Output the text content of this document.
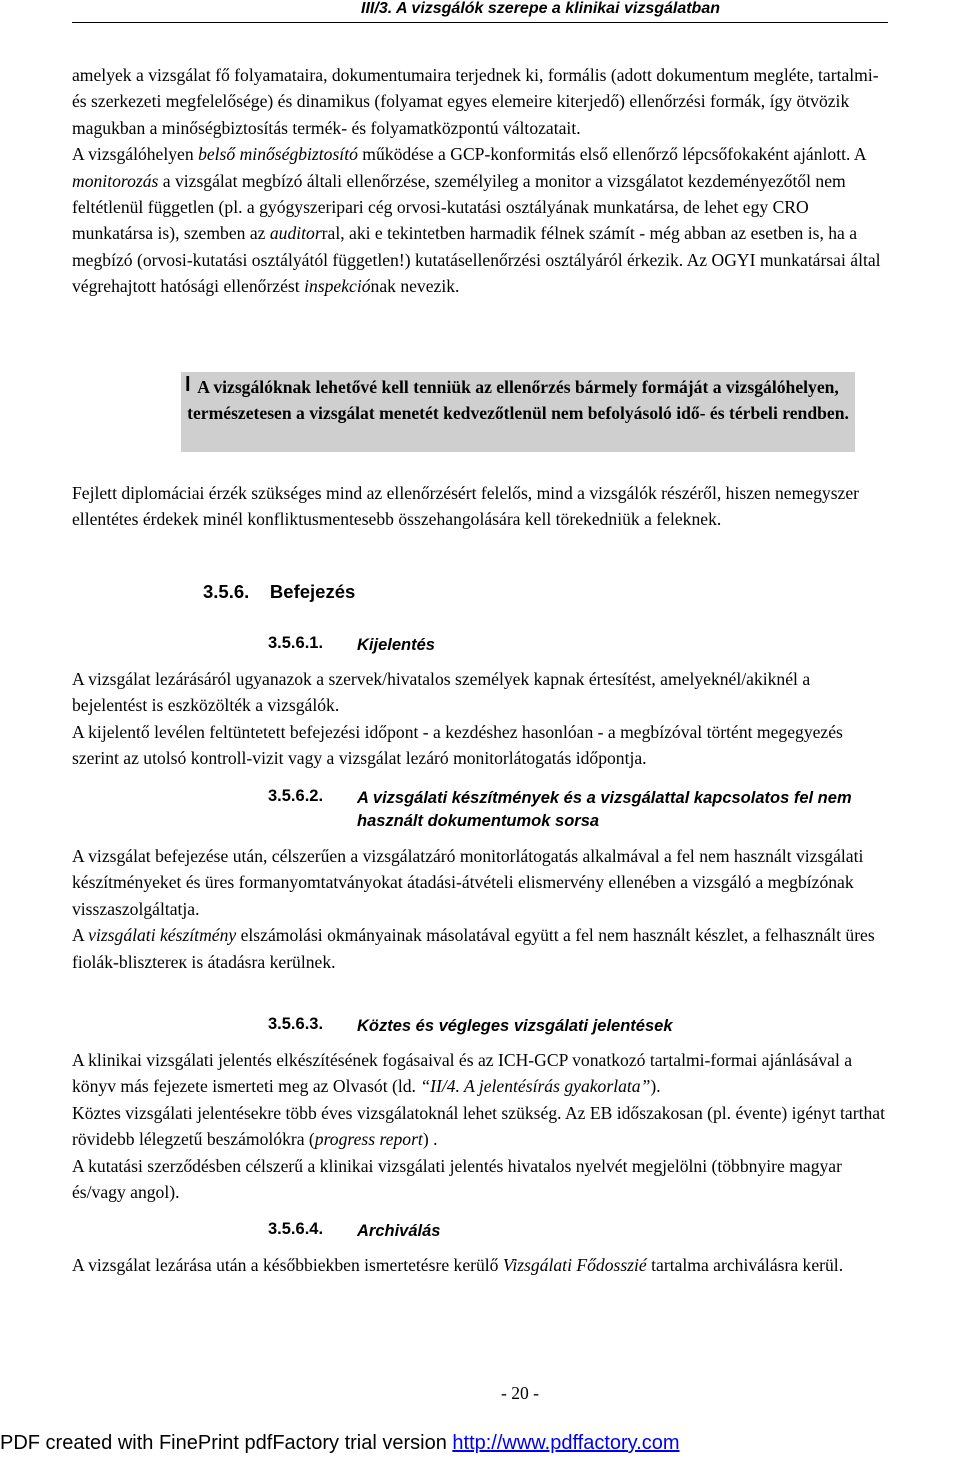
III/3. A vizsgálók szerepe a klinikai vizsgálatban

amelyek a vizsgálat fő folyamataira, dokumentumaira terjednek ki, formális (adott dokumentum megléte, tartalmi- és szerkezeti megfelelősége) és dinamikus (folyamat egyes elemeire kiterjedő) ellenőrzési formák, így ötvözik magukban a minőségbiztosítás termék- és folyamatközpontú változatait.

A vizsgálóhelyen belső minőségbiztosító működése a GCP-konformitás első ellenőrző lépcsőfokaként ajánlott. A monitorozás a vizsgálat megbízó általi ellenőrzése, személyileg a monitor a vizsgálatot kezdeményezőtől nem feltétlenül független (pl. a gyógyszeripari cég orvosi-kutatási osztályának munkatársa, de lehet egy CRO munkatársa is), szemben az auditorral, aki e tekintetben harmadik félnek számít - még abban az esetben is, ha a megbízó (orvosi-kutatási osztályától független!) kutatásellenőrzési osztályáról érkezik. Az OGYI munkatársai által végrehajtott hatósági ellenőrzést inspekciónak nevezik.

l A vizsgálóknak lehetővé kell tenniük az ellenőrzés bármely formáját a vizsgálóhelyen, természetesen a vizsgálat menetét kedvezőtlenül nem befolyásoló idő- és térbeli rendben.

Fejlett diplomáciai érzék szükséges mind az ellenőrzésért felelős, mind a vizsgálók részéről, hiszen nemegyszer ellentétes érdekek minél konfliktusmentesebb összehangolására kell törekedniük a feleknek.

3.5.6. Befejezés
3.5.6.1. Kijelentés

A vizsgálat lezárásáról ugyanazok a szervek/hivatalos személyek kapnak értesítést, amelyeknél/akiknél a bejelentést is eszközölték a vizsgálók.

A kijelentő levélen feltüntetett befejezési időpont - a kezdéshez hasonlóan - a megbízóval történt megegyezés szerint az utolsó kontroll-vizit vagy a vizsgálat lezáró monitorlátogatás időpontja.

3.5.6.2. A vizsgálati készítmények és a vizsgálattal kapcsolatos fel nem használt dokumentumok sorsa

A vizsgálat befejezése után, célszerűen a vizsgálatzáró monitorlátogatás alkalmával a fel nem használt vizsgálati készítményeket és üres formanyomtatványokat átadási-átvételi elismervény ellenében a vizsgáló a megbízónak visszaszolgáltatja.

A vizsgálati készítmény elszámolási okmányainak másolatával együtt a fel nem használt készlet, a felhasznált üres fiolák-blisztereк is átadásra kerülnek.

3.5.6.3. Köztes és végleges vizsgálati jelentések

A klinikai vizsgálati jelentés elkészítésének fogásaival és az ICH-GCP vonatkozó tartalmi-formai ajánlásával a könyv más fejezete ismerteti meg az Olvasót (ld. “II/4. A jelentésírás gyakorlata”).

Köztes vizsgálati jelentésekre több éves vizsgálatoknál lehet szükség. Az EB időszakosan (pl. évente) igényt tarthat rövidebb lélegzetű beszámolókra (progress report) .

A kutatási szerződésben célszerű a klinikai vizsgálati jelentés hivatalos nyelvét megjelölni (többnyire magyar és/vagy angol).

3.5.6.4. Archiválás

A vizsgálat lezárása után a későbbiekben ismertetésre kerülő Vizsgálati Fődosszié tartalma archiválásra kerül.

- 20 -
PDF created with FinePrint pdfFactory trial version http://www.pdffactory.com
